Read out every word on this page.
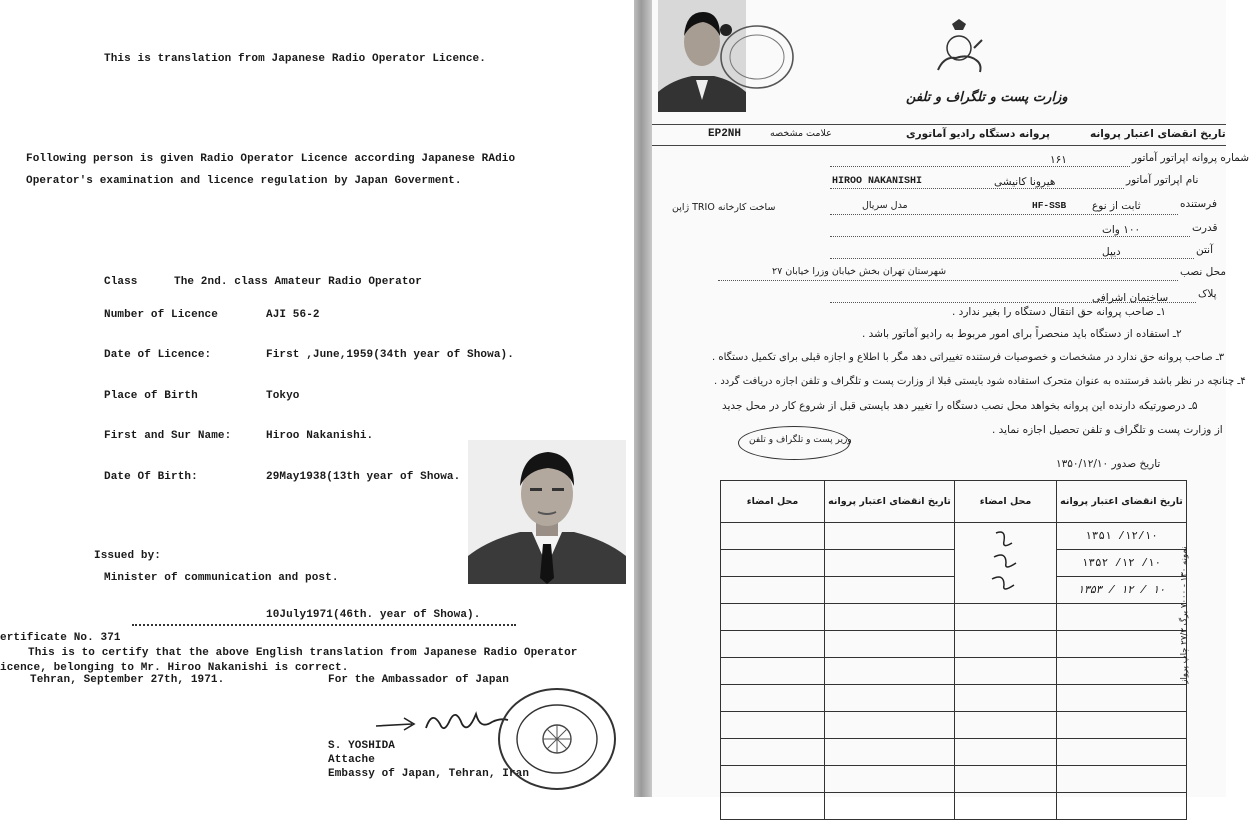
This is translation from Japanese Radio Operator Licence.
Following person is given Radio Operator Licence according Japanese RAdio
Operator's examination and licence regulation by Japan Goverment.
Class	The 2nd. class Amateur Radio Operator
Number of Licence	AJI 56-2
Date of Licence:	First ,June,1959(34th year of Showa).
Place of Birth	Tokyo
First and Sur Name:	Hiroo Nakanishi.
Date Of Birth:	29May1938(13th year of Showa.
Issued by:
Minister of communication and post.
10July1971(46th. year of Showa).
ertificate No. 371
This is to certify that the above English translation from Japanese Radio Operator
icence, belonging to Mr. Hiroo Nakanishi is correct.
Tehran, September 27th, 1971.	For the Ambassador of Japan
S. YOSHIDA
Attache
Embassy of Japan, Tehran, Iran
وزارت پست و تلگراف و تلفن
EP2NH	علامت مشخصه	پروانه دستگاه رادیو آماتوری	تاریخ انقضای اعتبار پروانه
شماره پروانه اپراتور آماتور
۱۶۱
نام اپراتور آماتور
HIROO NAKANISHI	هیرونا کانیشی
فرستنده
ثابت از نوع
HF-SSB
مدل سریال
ساخت کارخانه TRIO ژاپن
قدرت
۱۰۰ وات
آنتن
دیپل
محل نصب
شهرستان تهران بخش خیابان وزرا خیابان ۲۷
پلاک
ساختمان اشرافی
۱ـ صاحب پروانه حق انتقال دستگاه را بغیر ندارد .
۲ـ استفاده از دستگاه باید منحصراً برای امور مربوط به رادیو آماتور باشد .
۳ـ صاحب پروانه حق ندارد در مشخصات و خصوصیات فرستنده تغییراتی دهد مگر با اطلاع و اجازه قبلی برای تکمیل دستگاه .
۴ـ چنانچه در نظر باشد فرستنده به عنوان متحرک استفاده شود بایستی قبلا از وزارت پست و تلگراف و تلفن اجازه دریافت گردد .
۵ـ درصورتیکه دارنده این پروانه بخواهد محل نصب دستگاه را تغییر دهد بایستی قبل از شروع کار در محل جدید
از وزارت پست و تلگراف و تلفن تحصیل اجازه نماید .
وزیر پست و تلگراف و تلفن
تاریخ صدور ۱۳۵۰/۱۲/۱۰
محل امضاء	تاریخ انقضای اعتبار پروانه	محل امضاء	تاریخ انقضای اعتبار پروانه
			۱۳۵۱ /۱۲/۱۰
			۱۳۵۲ /۱۲ /۱۰
			۱۳۵۳ / ۱۲ / ۱۰

نمونه ۱۳۰ - ۷۰۰۰ برگ ۲۷/۳ چاپ پرواز
